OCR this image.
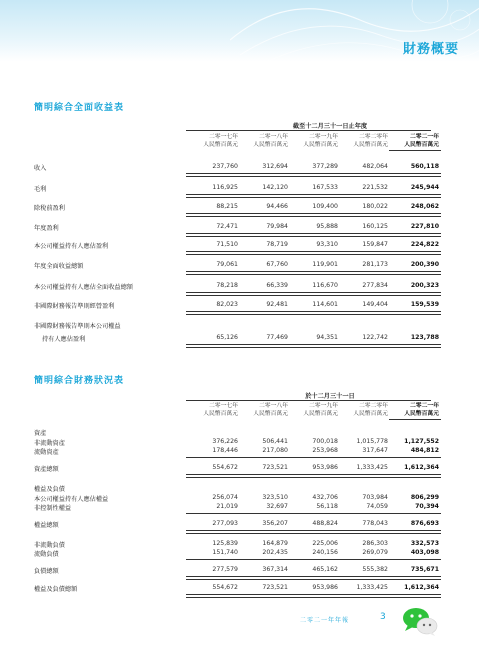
財務概要
簡明綜合全面收益表
截至十二月三十一日止年度
二零一七年
人民幣百萬元
二零一八年
人民幣百萬元
二零一九年
人民幣百萬元
二零二零年
人民幣百萬元
二零二一年
人民幣百萬元
收入	237,760	312,694	377,289	482,064	560,118
毛利	116,925	142,120	167,533	221,532	245,944
除稅前盈利	88,215	94,466	109,400	180,022	248,062
年度盈利	72,471	79,984	95,888	160,125	227,810
本公司權益持有人應佔盈利	71,510	78,719	93,310	159,847	224,822
年度全面收益總額	79,061	67,760	119,901	281,173	200,390
本公司權益持有人應佔全面收益總額	78,218	66,339	116,670	277,834	200,323
非國際財務報告準則經營盈利	82,023	92,481	114,601	149,404	159,539
非國際財務報告準則本公司權益
持有人應佔盈利	65,126	77,469	94,351	122,742	123,788
簡明綜合財務狀況表
於十二月三十一日
二零一七年
人民幣百萬元
二零一八年
人民幣百萬元
二零一九年
人民幣百萬元
二零二零年
人民幣百萬元
二零二一年
人民幣百萬元
資產
非流動資產	376,226	506,441	700,018	1,015,778	1,127,552
流動資產	178,446	217,080	253,968	317,647	484,812
資產總額	554,672	723,521	953,986	1,333,425	1,612,364
權益及負債
本公司權益持有人應佔權益	256,074	323,510	432,706	703,984	806,299
非控制性權益	21,019	32,697	56,118	74,059	70,394
權益總額	277,093	356,207	488,824	778,043	876,693
非流動負債	125,839	164,879	225,006	286,303	332,573
流動負債	151,740	202,435	240,156	269,079	403,098
負債總額	277,579	367,314	465,162	555,382	735,671
權益及負債總額	554,672	723,521	953,986	1,333,425	1,612,364
二零二一年年報	3
